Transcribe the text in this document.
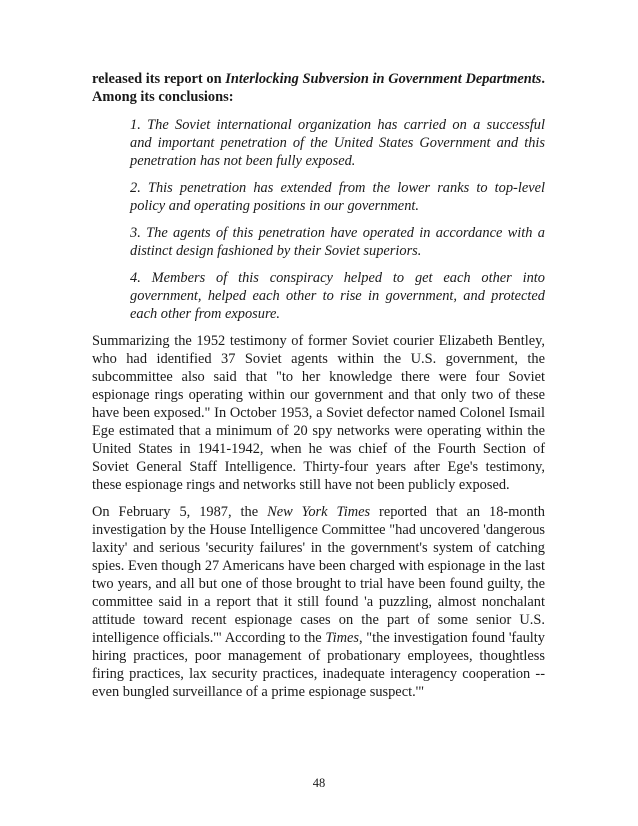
released its report on Interlocking Subversion in Government Departments. Among its conclusions:

1. The Soviet international organization has carried on a successful and important penetration of the United States Government and this penetration has not been fully exposed.

2. This penetration has extended from the lower ranks to top-level policy and operating positions in our government.

3. The agents of this penetration have operated in accordance with a distinct design fashioned by their Soviet superiors.

4. Members of this conspiracy helped to get each other into government, helped each other to rise in government, and protected each other from exposure.

Summarizing the 1952 testimony of former Soviet courier Elizabeth Bentley, who had identified 37 Soviet agents within the U.S. government, the subcommittee also said that "to her knowledge there were four Soviet espionage rings operating within our government and that only two of these have been exposed." In October 1953, a Soviet defector named Colonel Ismail Ege estimated that a minimum of 20 spy networks were operating within the United States in 1941-1942, when he was chief of the Fourth Section of Soviet General Staff Intelligence. Thirty-four years after Ege's testimony, these espionage rings and networks still have not been publicly exposed.

On February 5, 1987, the New York Times reported that an 18-month investigation by the House Intelligence Committee "had uncovered 'dangerous laxity' and serious 'security failures' in the government's system of catching spies. Even though 27 Americans have been charged with espionage in the last two years, and all but one of those brought to trial have been found guilty, the committee said in a report that it still found 'a puzzling, almost nonchalant attitude toward recent espionage cases on the part of some senior U.S. intelligence officials.'" According to the Times, "the investigation found 'faulty hiring practices, poor management of probationary employees, thoughtless firing practices, lax security practices, inadequate interagency cooperation -- even bungled surveillance of a prime espionage suspect.'"

48
